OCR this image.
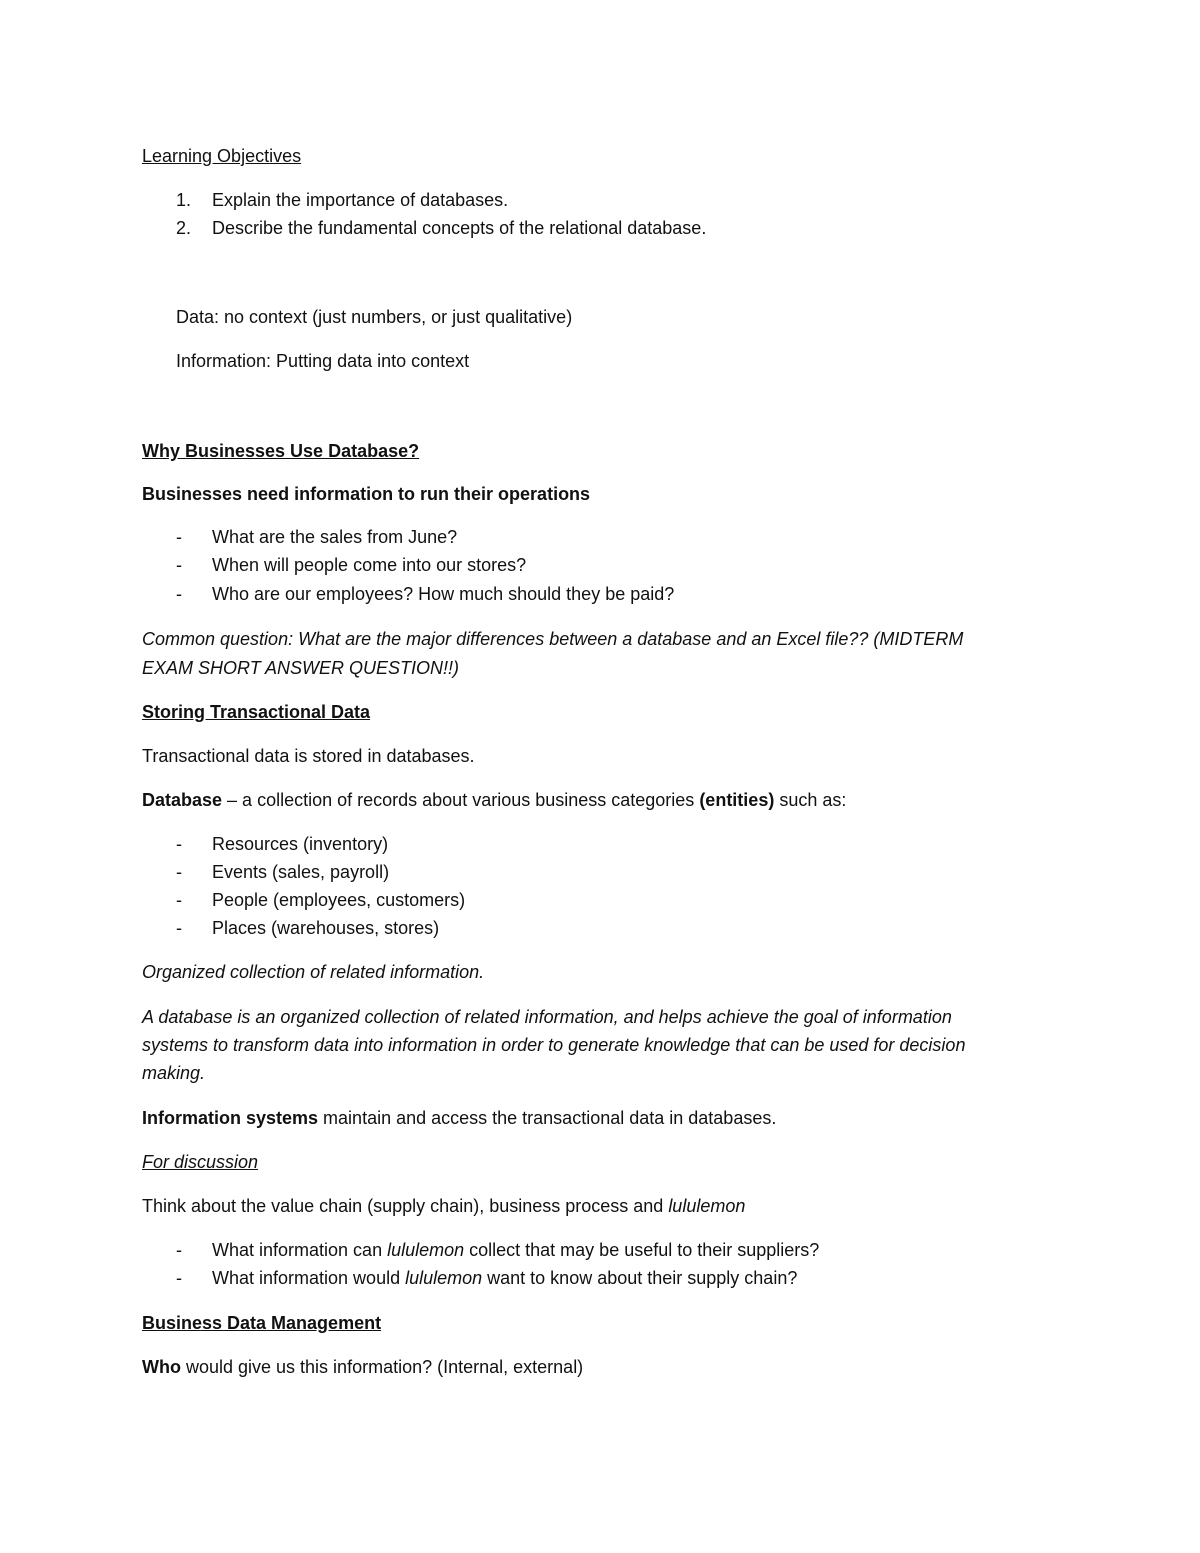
Learning Objectives
1. Explain the importance of databases.
2. Describe the fundamental concepts of the relational database.
Data: no context (just numbers, or just qualitative)
Information: Putting data into context
Why Businesses Use Database?
Businesses need information to run their operations
- What are the sales from June?
- When will people come into our stores?
- Who are our employees? How much should they be paid?
Common question: What are the major differences between a database and an Excel file?? (MIDTERM
EXAM SHORT ANSWER QUESTION!!)
Storing Transactional Data
Transactional data is stored in databases.
Database – a collection of records about various business categories (entities) such as:
- Resources (inventory)
- Events (sales, payroll)
- People (employees, customers)
- Places (warehouses, stores)
Organized collection of related information.
A database is an organized collection of related information, and helps achieve the goal of information
systems to transform data into information in order to generate knowledge that can be used for decision
making.
Information systems maintain and access the transactional data in databases.
For discussion
Think about the value chain (supply chain), business process and lululemon
- What information can lululemon collect that may be useful to their suppliers?
- What information would lululemon want to know about their supply chain?
Business Data Management
Who would give us this information? (Internal, external)
